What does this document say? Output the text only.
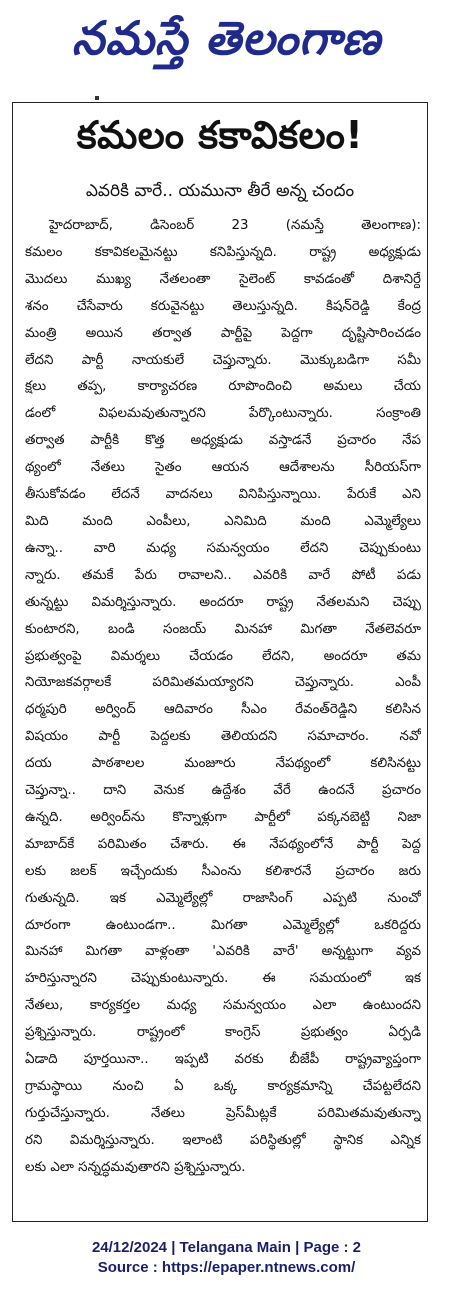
నమస్తే తెలంగాణ
కమలం కకావికలం!
ఎవరికి వారే.. యమునా తీరే అన్న చందం
హైదరాబాద్, డిసెంబర్ 23 (నమస్తే తెలంగాణ):
కమలం కకావికలమైనట్టు కనిపిస్తున్నది. రాష్ట్ర అధ్యక్షుడు
మొదలు ముఖ్య నేతలంతా సైలెంట్ కావడంతో దిశానిర్దే
శనం చేసేవారు కరువైనట్టు తెలుస్తున్నది. కిషన్‌రెడ్డి కేంద్ర
మంత్రి అయిన తర్వాత పార్టీపై పెద్దగా దృష్టిసారించడం
లేదని పార్టీ నాయకులే చెప్తున్నారు. మొక్కుబడిగా సమీ
క్షలు తప్ప, కార్యాచరణ రూపొందించి అమలు చేయ
డంలో విఫలమవుతున్నారని పేర్కొంటున్నారు. సంక్రాంతి
తర్వాత పార్టీకి కొత్త అధ్యక్షుడు వస్తాడనే ప్రచారం నేప
థ్యంలో నేతలు సైతం ఆయన ఆదేశాలను సీరియస్‌గా
తీసుకోవడం లేదనే వాదనలు వినిపిస్తున్నాయి. పేరుకే ఎని
మిది మంది ఎంపీలు, ఎనిమిది మంది ఎమ్మెల్యేలు
ఉన్నా.. వారి మధ్య సమన్వయం లేదని చెప్పుకుంటు
న్నారు. తమకే పేరు రావాలని.. ఎవరికి వారే పోటీ పడు
తున్నట్టు విమర్శిస్తున్నారు. అందరూ రాష్ట్ర నేతలమని చెప్పు
కుంటారని, బండి సంజయ్ మినహా మిగతా నేతలెవరూ
ప్రభుత్వంపై విమర్శలు చేయడం లేదని, అందరూ తమ
నియోజకవర్గాలకే పరిమితమయ్యారని చెప్తున్నారు. ఎంపీ
ధర్మపురి అర్వింద్ ఆదివారం సీఎం రేవంత్‌రెడ్డిని కలిసిన
విషయం పార్టీ పెద్దలకు తెలియదని సమాచారం. నవో
దయ పాఠశాలల మంజూరు నేపథ్యంలో కలిసినట్టు
చెప్తున్నా.. దాని వెనుక ఉద్దేశం వేరే ఉందనే ప్రచారం
ఉన్నది. అర్వింద్‌ను కొన్నాళ్లుగా పార్టీలో పక్కనబెట్టి నిజా
మాబాద్‌కే పరిమితం చేశారు. ఈ నేపథ్యంలోనే పార్టీ పెద్ద
లకు జలక్ ఇచ్చేందుకు సీఎంను కలిశారనే ప్రచారం జరు
గుతున్నది. ఇక ఎమ్మెల్యేల్లో రాజాసింగ్ ఎప్పటి నుంచో
దూరంగా ఉంటుండగా.. మిగతా ఎమ్మెల్యేల్లో ఒకరిద్దరు
మినహా మిగతా వాళ్లంతా 'ఎవరికి వారే' అన్నట్టుగా వ్యవ
హరిస్తున్నారని చెప్పుకుంటున్నారు. ఈ సమయంలో ఇక
నేతలు, కార్యకర్తల మధ్య సమన్వయం ఎలా ఉంటుందని
ప్రశ్నిస్తున్నారు. రాష్ట్రంలో కాంగ్రెస్ ప్రభుత్వం ఏర్పడి
ఏడాది పూర్తయినా.. ఇప్పటి వరకు బీజేపీ రాష్ట్రవ్యాప్తంగా
గ్రామస్థాయి నుంచి ఏ ఒక్క కార్యక్రమాన్ని చేపట్టలేదని
గుర్తుచేస్తున్నారు. నేతలు ప్రెస్‌మీట్లకే పరిమితమవుతున్నా
రని విమర్శిస్తున్నారు. ఇలాంటి పరిస్థితుల్లో స్థానిక ఎన్నిక
లకు ఎలా సన్నద్ధమవుతారని ప్రశ్నిస్తున్నారు.
24/12/2024 | Telangana Main | Page : 2
Source : https://epaper.ntnews.com/
